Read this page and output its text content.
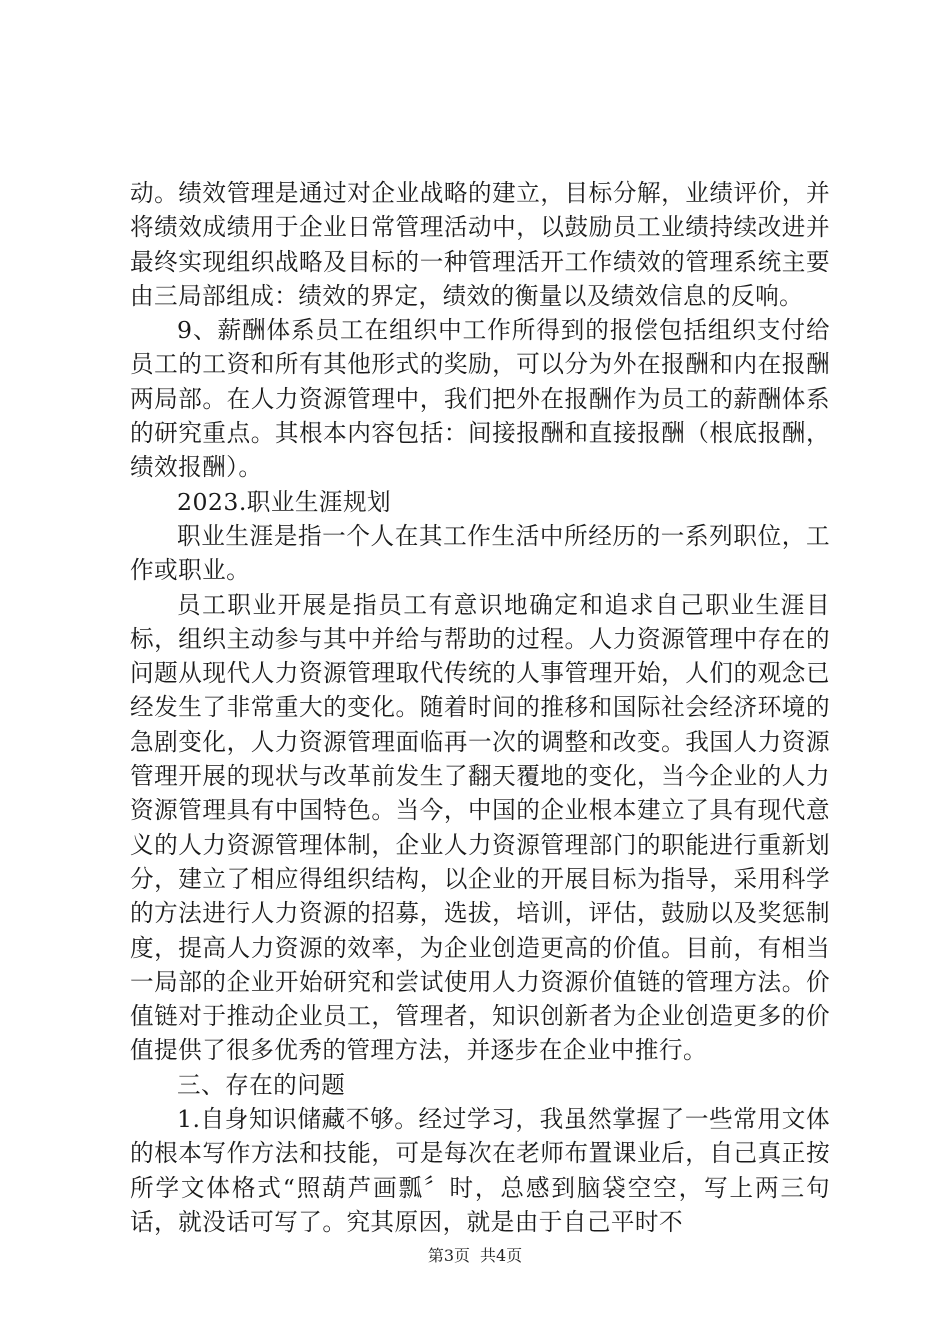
动。绩效管理是通过对企业战略的建立，目标分解，业绩评价，并将绩效成绩用于企业日常管理活动中，以鼓励员工业绩持续改进并最终实现组织战略及目标的一种管理活开工作绩效的管理系统主要由三局部组成：绩效的界定，绩效的衡量以及绩效信息的反响。

9、薪酬体系员工在组织中工作所得到的报偿包括组织支付给员工的工资和所有其他形式的奖励，可以分为外在报酬和内在报酬两局部。在人力资源管理中，我们把外在报酬作为员工的薪酬体系的研究重点。其根本内容包括：间接报酬和直接报酬（根底报酬，绩效报酬）。

2023.职业生涯规划

职业生涯是指一个人在其工作生活中所经历的一系列职位，工作或职业。

员工职业开展是指员工有意识地确定和追求自己职业生涯目标，组织主动参与其中并给与帮助的过程。人力资源管理中存在的问题从现代人力资源管理取代传统的人事管理开始，人们的观念已经发生了非常重大的变化。随着时间的推移和国际社会经济环境的急剧变化，人力资源管理面临再一次的调整和改变。我国人力资源管理开展的现状与改革前发生了翻天覆地的变化，当今企业的人力资源管理具有中国特色。当今，中国的企业根本建立了具有现代意义的人力资源管理体制，企业人力资源管理部门的职能进行重新划分，建立了相应得组织结构，以企业的开展目标为指导，采用科学的方法进行人力资源的招募，选拔，培训，评估，鼓励以及奖惩制度，提高人力资源的效率，为企业创造更高的价值。目前，有相当一局部的企业开始研究和尝试使用人力资源价值链的管理方法。价值链对于推动企业员工，管理者，知识创新者为企业创造更多的价值提供了很多优秀的管理方法，并逐步在企业中推行。

三、存在的问题

1.自身知识储藏不够。经过学习，我虽然掌握了一些常用文体的根本写作方法和技能，可是每次在老师布置课业后，自己真正按所学文体格式“照葫芦画瓢〞时，总感到脑袋空空，写上两三句话，就没话可写了。究其原因，就是由于自己平时不

第3页 共4页
